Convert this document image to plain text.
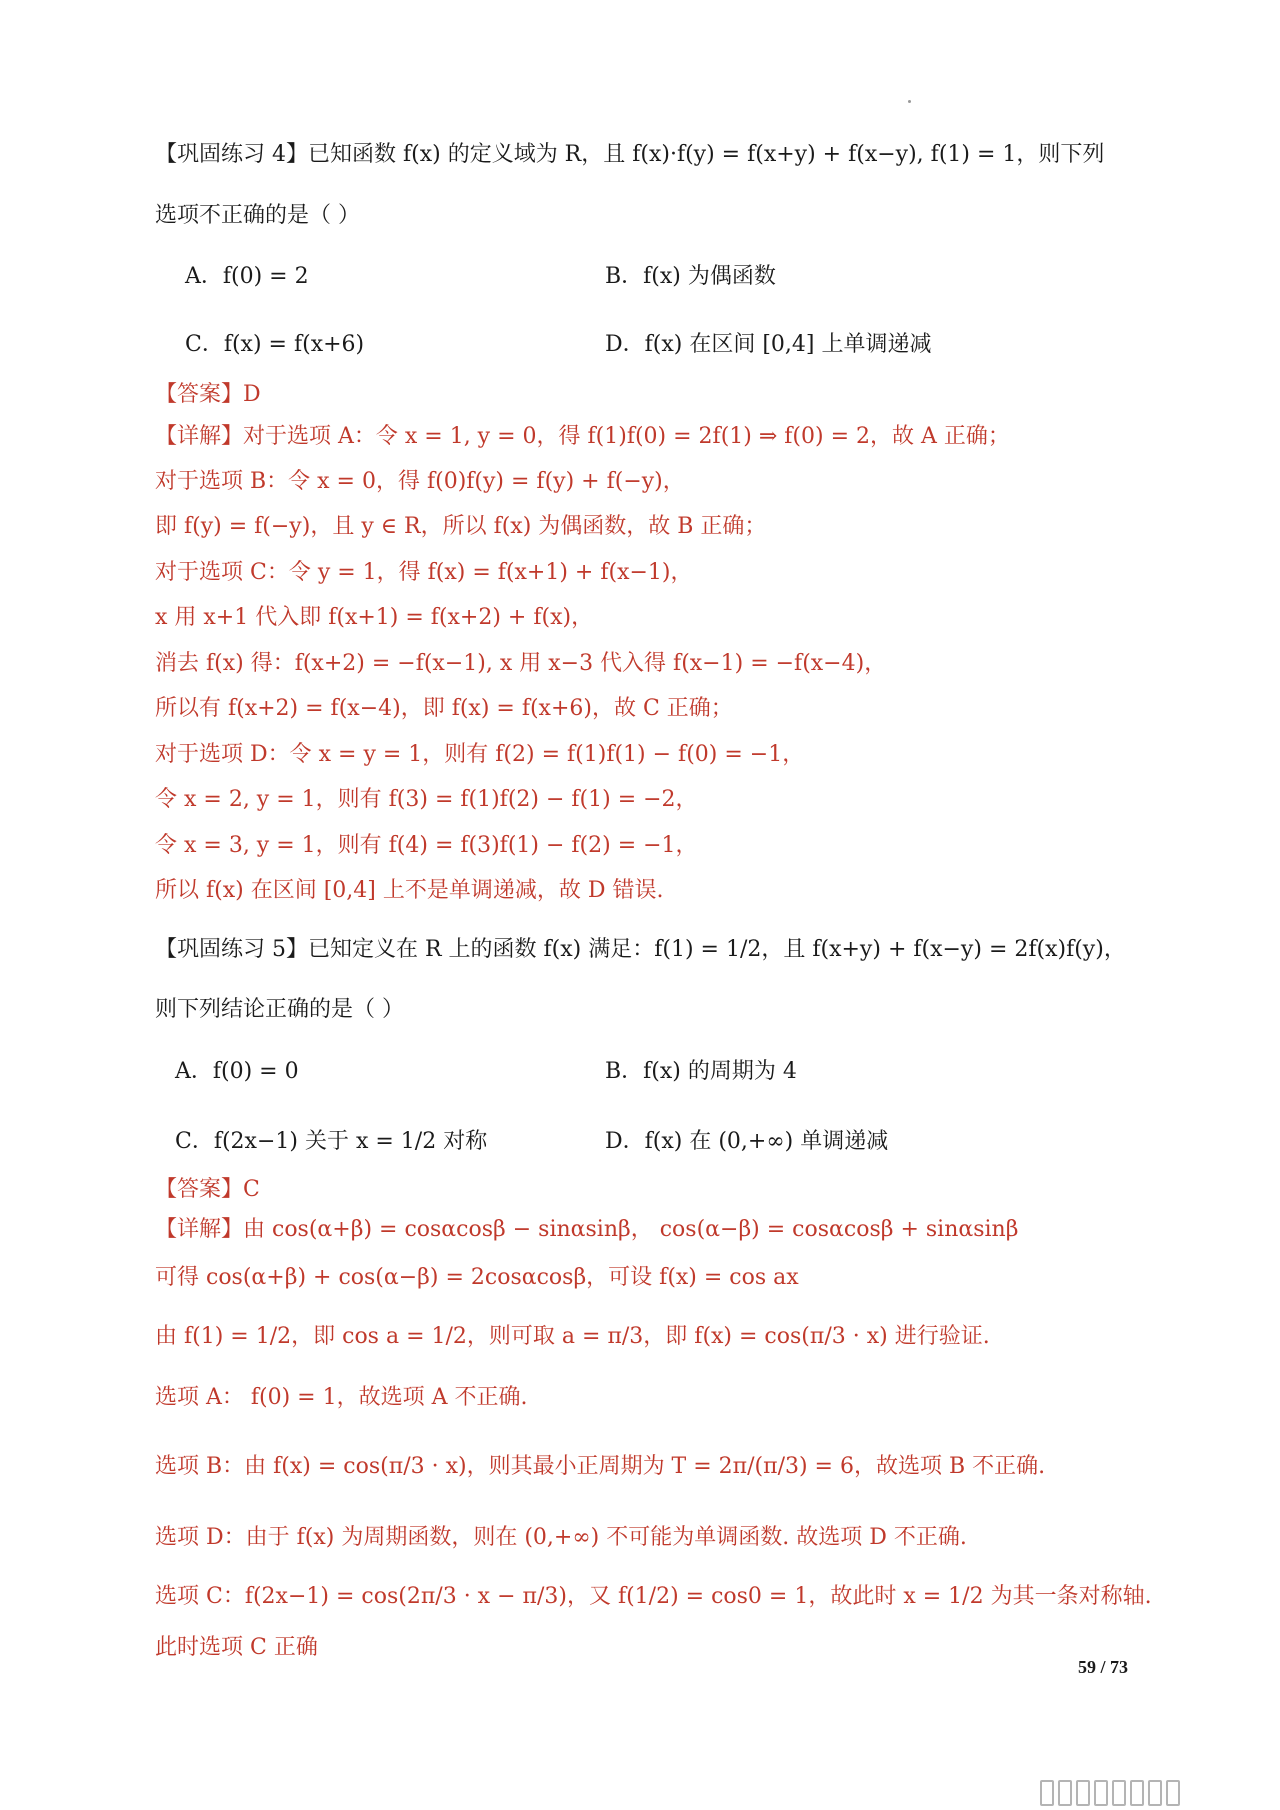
【巩固练习 4】已知函数 f(x) 的定义域为 R，且 f(x)·f(y) = f(x+y) + f(x−y), f(1) = 1，则下列
选项不正确的是（ ）
A．f(0) = 2	B．f(x) 为偶函数
C．f(x) = f(x+6)	D．f(x) 在区间 [0,4] 上单调递减
【答案】D
【详解】对于选项 A：令 x = 1, y = 0，得 f(1)f(0) = 2f(1) ⇒ f(0) = 2，故 A 正确；
对于选项 B：令 x = 0，得 f(0)f(y) = f(y) + f(−y)，
即 f(y) = f(−y)，且 y ∈ R，所以 f(x) 为偶函数，故 B 正确；
对于选项 C：令 y = 1，得 f(x) = f(x+1) + f(x−1)，
x 用 x+1 代入即 f(x+1) = f(x+2) + f(x)，
消去 f(x) 得：f(x+2) = −f(x−1), x 用 x−3 代入得 f(x−1) = −f(x−4)，
所以有 f(x+2) = f(x−4)，即 f(x) = f(x+6)，故 C 正确；
对于选项 D：令 x = y = 1，则有 f(2) = f(1)f(1) − f(0) = −1，
令 x = 2, y = 1，则有 f(3) = f(1)f(2) − f(1) = −2，
令 x = 3, y = 1，则有 f(4) = f(3)f(1) − f(2) = −1，
所以 f(x) 在区间 [0,4] 上不是单调递减，故 D 错误.
【巩固练习 5】已知定义在 R 上的函数 f(x) 满足：f(1) = 1/2，且 f(x+y) + f(x−y) = 2f(x)f(y)，
则下列结论正确的是（ ）
A．f(0) = 0	B．f(x) 的周期为 4
C．f(2x−1) 关于 x = 1/2 对称	D．f(x) 在 (0,+∞) 单调递减
【答案】C
【详解】由 cos(α+β) = cosαcosβ − sinαsinβ， cos(α−β) = cosαcosβ + sinαsinβ
可得 cos(α+β) + cos(α−β) = 2cosαcosβ，可设 f(x) = cos ax
由 f(1) = 1/2，即 cos a = 1/2，则可取 a = π/3，即 f(x) = cos(π/3 · x) 进行验证.
选项 A： f(0) = 1，故选项 A 不正确.
选项 B：由 f(x) = cos(π/3 · x)，则其最小正周期为 T = 2π/(π/3) = 6，故选项 B 不正确.
选项 D：由于 f(x) 为周期函数，则在 (0,+∞) 不可能为单调函数. 故选项 D 不正确.
选项 C：f(2x−1) = cos(2π/3 · x − π/3)，又 f(1/2) = cos0 = 1，故此时 x = 1/2 为其一条对称轴.
此时选项 C 正确
59 / 73
